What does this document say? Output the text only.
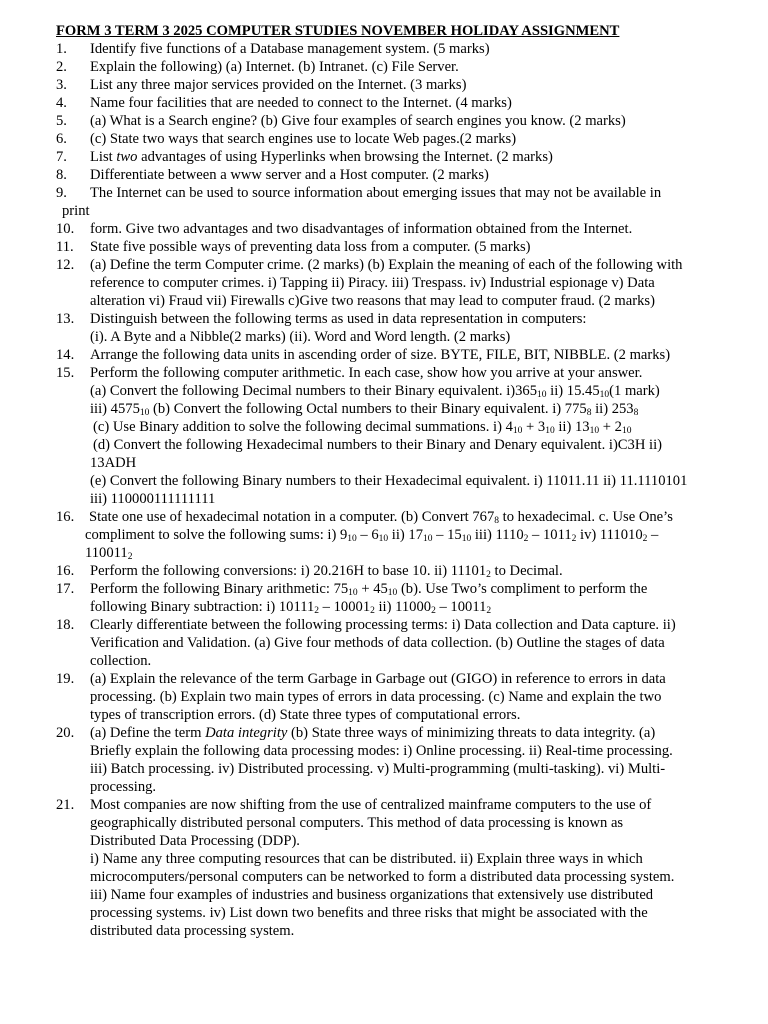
FORM 3 TERM 3 2025 COMPUTER STUDIES NOVEMBER HOLIDAY ASSIGNMENT
1. Identify five functions of a Database management system. (5 marks)
2. Explain the following) (a) Internet. (b) Intranet. (c) File Server.
3. List any three major services provided on the Internet. (3 marks)
4. Name four facilities that are needed to connect to the Internet. (4 marks)
5. (a) What is a Search engine? (b) Give four examples of search engines you know. (2 marks)
6. (c) State two ways that search engines use to locate Web pages.(2 marks)
7. List two advantages of using Hyperlinks when browsing the Internet. (2 marks)
8. Differentiate between a www server and a Host computer. (2 marks)
9. The Internet can be used to source information about emerging issues that may not be available in
print
10. form. Give two advantages and two disadvantages of information obtained from the Internet.
11. State five possible ways of preventing data loss from a computer. (5 marks)
12. (a) Define the term Computer crime. (2 marks) (b) Explain the meaning of each of the following with
reference to computer crimes. i) Tapping ii) Piracy. iii) Trespass. iv) Industrial espionage v) Data
alteration vi) Fraud vii) Firewalls c)Give two reasons that may lead to computer fraud. (2 marks)
13. Distinguish between the following terms as used in data representation in computers:
(i). A Byte and a Nibble(2 marks) (ii). Word and Word length. (2 marks)
14. Arrange the following data units in ascending order of size. BYTE, FILE, BIT, NIBBLE. (2 marks)
15. Perform the following computer arithmetic. In each case, show how you arrive at your answer.
(a) Convert the following Decimal numbers to their Binary equivalent. $i)365_{10}$ ii) $15.45_{10}(1$ mark)
iii) $4575_{10}$ (b) Convert the following Octal numbers to their Binary equivalent. i) $775_8$ ii) $253_8$
(c) Use Binary addition to solve the following decimal summations. i) $4_{10} + 3_{10}$ ii) $13_{10} + 2_{10}$
(d) Convert the following Hexadecimal numbers to their Binary and Denary equivalent. i)C3H ii)
13ADH
(e) Convert the following Binary numbers to their Hexadecimal equivalent. i) 11011.11 ii) 11.1110101
iii) 110000111111111
16. State one use of hexadecimal notation in a computer. (b) Convert $767_8$ to hexadecimal. c. Use One’s
compliment to solve the following sums: i) $9_{10} - 6_{10}$ ii) $17_{10} - 15_{10}$ iii) $1110_2 - 1011_2$ iv) $111010_2$ –
$110011_2$
16. Perform the following conversions: i) 20.216H to base 10. ii) $11101_2$ to Decimal.
17. Perform the following Binary arithmetic: $75_{10} + 45_{10}$ (b). Use Two’s compliment to perform the
following Binary subtraction: i) $10111_2 - 10001_2$ ii) $11000_2 - 10011_2$
18. Clearly differentiate between the following processing terms: i) Data collection and Data capture. ii)
Verification and Validation. (a) Give four methods of data collection. (b) Outline the stages of data
collection.
19. (a) Explain the relevance of the term Garbage in Garbage out (GIGO) in reference to errors in data
processing. (b) Explain two main types of errors in data processing. (c) Name and explain the two
types of transcription errors. (d) State three types of computational errors.
20. (a) Define the term Data integrity (b) State three ways of minimizing threats to data integrity. (a)
Briefly explain the following data processing modes: i) Online processing. ii) Real-time processing.
iii) Batch processing. iv) Distributed processing. v) Multi-programming (multi-tasking). vi) Multi-
processing.
21. Most companies are now shifting from the use of centralized mainframe computers to the use of
geographically distributed personal computers. This method of data processing is known as
Distributed Data Processing (DDP).
i) Name any three computing resources that can be distributed. ii) Explain three ways in which
microcomputers/personal computers can be networked to form a distributed data processing system.
iii) Name four examples of industries and business organizations that extensively use distributed
processing systems. iv) List down two benefits and three risks that might be associated with the
distributed data processing system.
